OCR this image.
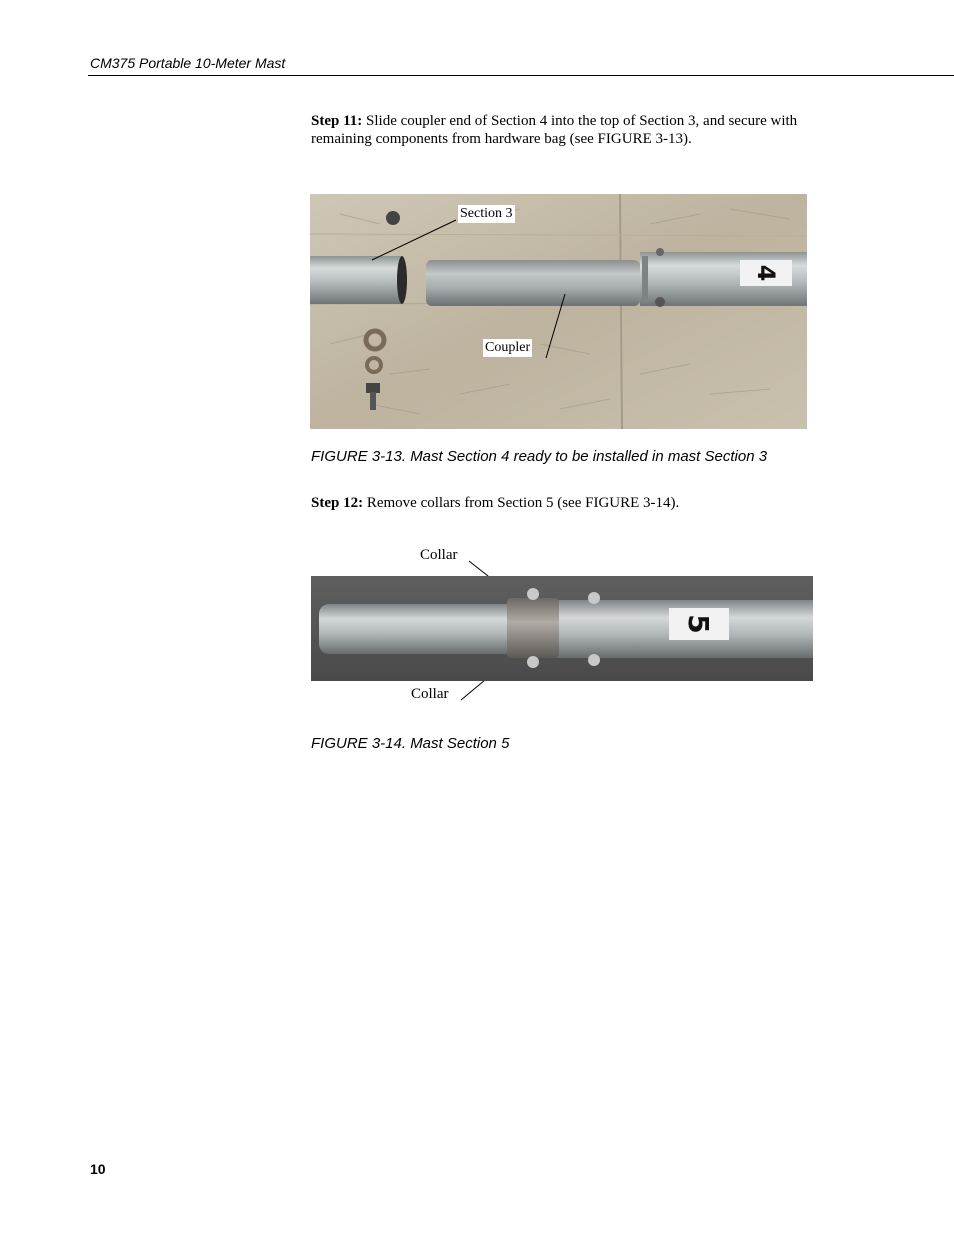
CM375 Portable 10-Meter Mast
Step 11: Slide coupler end of Section 4 into the top of Section 3, and secure with remaining components from hardware bag (see FIGURE 3-13).
4
Section 3
Coupler
FIGURE 3-13. Mast Section 4 ready to be installed in mast Section 3
Step 12: Remove collars from Section 5 (see FIGURE 3-14).
Collar
5
Collar
FIGURE 3-14. Mast Section 5
10
